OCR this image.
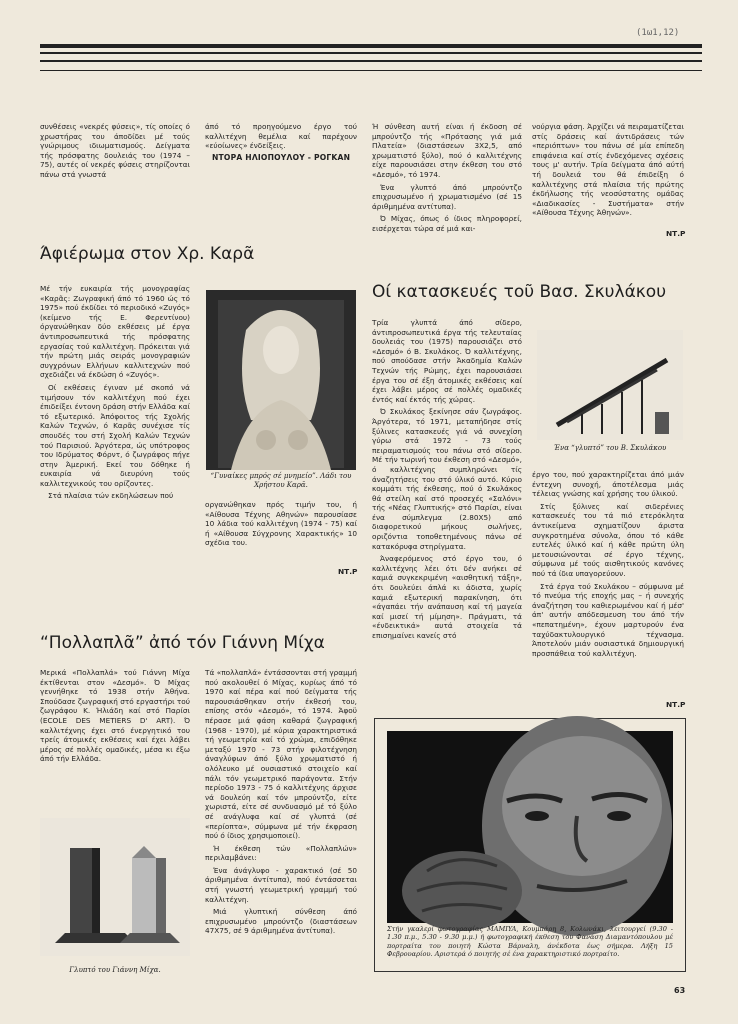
(1ω1,12)

συνθέσεις «νεκρές φύσεις», τίς οποίες ό χρωστήρας του άποδίδει μέ τούς γνώριμους ιδιωματισμούς. Δείγματα τής πρόσφατης δουλειάς του (1974 – 75), αυτές οί νεκρές φύσεις στηρίζονται πάνω στά γνωστά

άπό τό προηγούμενο έργο τού καλλιτέχνη θεμέλια καί παρέχουν «εύοίωνες» ένδείξεις.

ΝΤΟΡΑ ΗΛΙΟΠΟΥΛΟΥ - ΡΟΓΚΑΝ

Ή σύνθεση αυτή είναι ή έκδοση σέ μπρούντζο τής «Πρότασης γιά μιά Πλατεία» (διαστάσεων 3Χ2,5, από χρωματιστό ξύλο), πού ό καλλιτέχνης είχε παρουσιάσει στην έκθεση του στό «Δεσμό», τό 1974.

Ένα γλυπτό άπό μπρούντζο επιχρυσωμένο ή χρωματισμένο (σέ 15 άριθμημένα αντίτυπα).

Ό Μίχας, όπως ό ίδιος πληροφορεί, εισέρχεται τώρα σέ μιά και-

νούργια φάση. Άρχίζει νά πειραματίζεται στίς δράσεις καί άντιδράσεις τών «περιόπτων» του πάνω σέ μία επίπεδη επιφάνεια καί στίς ένδεχόμενες σχέσεις τους μ' αυτήν. Τρία δείγματα άπό αύτή τή δουλειά του θά έπιδείξη ό καλλιτέχνης στά πλαίσια τής πρώτης έκδήλωσης τής νεοσύστατης ομάδας «Διαδικασίες - Συστήματα» στήν «Αίθουσα Τέχνης Άθηνών».

ΝΤ.Ρ
Άφιέρωμα στον Χρ. Καρᾶ

Μέ τήν ευκαιρία τής μονογραφίας «Καρᾶς: Ζωγραφική άπό τό 1960 ώς τό 1975» πού έκδίδει τό περιοδικό «Ζυγός» (κείμενο τής Ε. Φερεντίνου) όργανώθηκαν δύο εκθέσεις μέ έργα άντιπροσωπευτικά τής πρόσφατης εργασίας τού καλλιτέχνη. Πρόκειται γιά τήν πρώτη μιάς σειράς μονογραφιών συγχρόνων Ελλήνων καλλιτεχνών πού σχεδιάζει νά έκδώση ό «Ζυγός».

Οί εκθέσεις έγιναν μέ σκοπό νά τιμήσουν τόν καλλιτέχνη πού έχει έπιδείξει έντονη δράση στήν Ελλάδα καί τό εξωτερικό. Άπόφοιτος τής Σχολής Καλών Τεχνών, ό Καρᾶς συνέχισε τίς σπουδές του στή Σχολή Καλών Τεχνών τού Παρισιού. Άργότερα, ώς υπότροφος του Ιδρύματος Φόρντ, ό ζωγράφος πήγε στην Άμερική. Εκεί του δόθηκε ή ευκαιρία νά διευρύνη τούς καλλιτεχνικούς του ορίζοντες.

Στά πλαίσια τών εκδηλώσεων πού

“Γυναίκες μπρός σέ μνημείο”. Λάδι του Χρήστου Καρᾶ.

οργανώθηκαν πρός τιμήν του, ή «Αίθουσα Τέχνης Αθηνών» παρουσίασε 10 λάδια τού καλλιτέχνη (1974 - 75) καί ή «Αίθουσα Σύγχρονης Χαρακτικής» 10 σχέδια του.

ΝΤ.Ρ
Οί κατασκευές τοῦ Βασ. Σκυλάκου

Τρία γλυπτά άπό σίδερο, άντιπροσωπευτικά έργα τής τελευταίας δουλειάς του (1975) παρουσιάζει στό «Δεσμό» ό Β. Σκυλάκος. Ό καλλιτέχνης, πού σπούδασε στήν Άκαδημία Καλών Τεχνών τής Ρώμης, έχει παρουσιάσει έργα του σέ έξη άτομικές εκθέσεις καί έχει λάβει μέρος σέ πολλές ομαδικές έντός καί έκτός τής χώρας.

Ό Σκυλάκος ξεκίνησε σάν ζωγράφος. Άργότερα, τό 1971, μεταπήδησε στίς ξύλινες κατασκευές γιά νά συνεχίση γύρω στά 1972 - 73 τούς πειραματισμούς του πάνω στό σίδερο. Μέ τήν τωρινή του έκθεση στό «Δεσμό», ό καλλιτέχνης συμπληρώνει τίς άναζητήσεις του στό ύλικό αυτό. Κύριο κομμάτι τής έκθεσης, πού ό Σκυλάκος θά στείλη καί στό προσεχές «Σαλόνι» τής «Νέας Γλυπτικής» στό Παρίσι, είναι ένα σύμπλεγμα (2.80Χ5) από διαφορετικού μήκους σωλήνες, οριζόντια τοποθετημένους πάνω σέ κατακόρυφα στηρίγματα.

Άναφερόμενος στό έργο του, ό καλλιτέχνης λέει ότι δέν ανήκει σέ καμιά συγκεκριμένη «αισθητική τάξη», ότι δουλεύει άπλά κι άδιστα, χωρίς καμιά εξωτερική παρακίνηση, ότι «άγαπάει τήν ανάπαυση καί τή μαγεία καί μισεί τή μίμηση». Πράγματι, τά «ένδεικτικά» αυτά στοιχεία τά επισημαίνει κανείς στό

Ένα “γλυπτό” του Β. Σκυλάκου

έργο του, πού χαρακτηρίζεται άπό μιάν έντεχνη συνοχή, άποτέλεσμα μιάς τέλειας γνώσης καί χρήσης του ύλικού.

Στίς ξύλινες καί σιδερένιες κατασκευές του τά πιό ετερόκλητα άντικείμενα σχηματίζουν άριστα συγκροτημένα σύνολα, όπου τό κάθε ευτελές ύλικό καί ή κάθε πρώτη ύλη μετουσιώνονται σέ έργο τέχνης, σύμφωνα μέ τούς αισθητικούς κανόνες πού τά ίδια υπαγορεύουν.

Στά έργα τού Σκυλάκου – σύμφωνα μέ τό πνεύμα τής εποχής μας – ή συνεχής άναζήτηση του καθιερωμένου καί ή μέσ' άπ' αυτήν απόδεσμευση του άπό τήν «πεπατημένη», έχουν μαρτυρούν ένα ταχύδακτυλουργικό τέχνασμα. Άποτελούν μιάν ουσιαστικά δημιουργική προσπάθεια τού καλλιτέχνη.

ΝΤ.Ρ
“Πολλαπλᾶ” ἀπό τόν Γιάννη Μίχα

Μερικά «Πολλαπλά» τού Γιάννη Μίχα έκτίθενται στον «Δεσμό». Ό Μίχας γεννήθηκε τό 1938 στήν Άθήνα. Σπούδασε ζωγραφική στό εργαστήρι τού ζωγράφου Κ. Ήλιάδη καί στό Παρίσι (ECOLE DES METIERS D' ART). Ό καλλιτέχνης έχει στό ένεργητικό του τρείς άτομικές εκθέσεις καί έχει λάβει μέρος σέ πολλές ομαδικές, μέσα κι έξω άπό τήν Ελλάδα.

Γλυπτό του Γιάννη Μίχα.

Τά «πολλαπλά» έντάσσονται στή γραμμή πού ακολουθεί ό Μίχας, κυρίως άπό τό 1970 καί πέρα καί πού δείγματα τής παρουσιάσθηκαν στήν έκθεσή του, επίσης στόν «Δεσμό», τό 1974. Άφοϋ πέρασε μιά φάση καθαρά ζωγραφική (1968 - 1970), μέ κύρια χαρακτηριστικά τή γεωμετρία καί τό χρώμα, επιδόθηκε μεταξύ 1970 - 73 στήν φιλοτέχνηση άναγλύφων άπό ξύλο χρωματιστό ή ολόλευκο μέ ουσιαστικό στοιχείο καί πάλι τόν γεωμετρικό παράγοντα. Στήν περίοδο 1973 - 75 ό καλλιτέχνης άρχισε νά δουλεύη καί τόν μπρούντζο, είτε χωριστά, είτε σέ συνδυασμό μέ τό ξύλο σέ ανάγλυφα καί σέ γλυπτά (σέ «περίοπτα», σύμφωνα μέ τήν έκφραση πού ό ίδιος χρησιμοποιεί).

Ή έκθεση τών «Πολλαπλών» περιλαμβάνει:

Ένα άνάγλυφο - χαρακτικό (σέ 50 άριθμημένα άντίτυπα), πού έντάσσεται στή γνωστή γεωμετρική γραμμή τού καλλιτέχνη.

Μιά γλυπτική σύνθεση άπό επιχρυσωμένο μπρούντζο (διαστάσεων 47Χ75, σέ 9 άριθμημένα άντίτυπα).	Στήν γκαλερί φωτογραφίας MAMIYA, Κουμπάρη 8, Κολωνάκι, λειτουργεί (9.30 - 1.30 π.μ., 5.30 - 9.30 μ.μ.) ή φωτογραφική έκθεση του Φανάση Διαμαντόπουλου μέ πορτραίτα του ποιητή Κώστα Βάρναλη, άνέκδοτα έως σήμερα. Λήξη 15 Φεβρουαρίου. Αριστερά ό ποιητής σέ ένα χαρακτηριστικό πορτραίτο.
63
